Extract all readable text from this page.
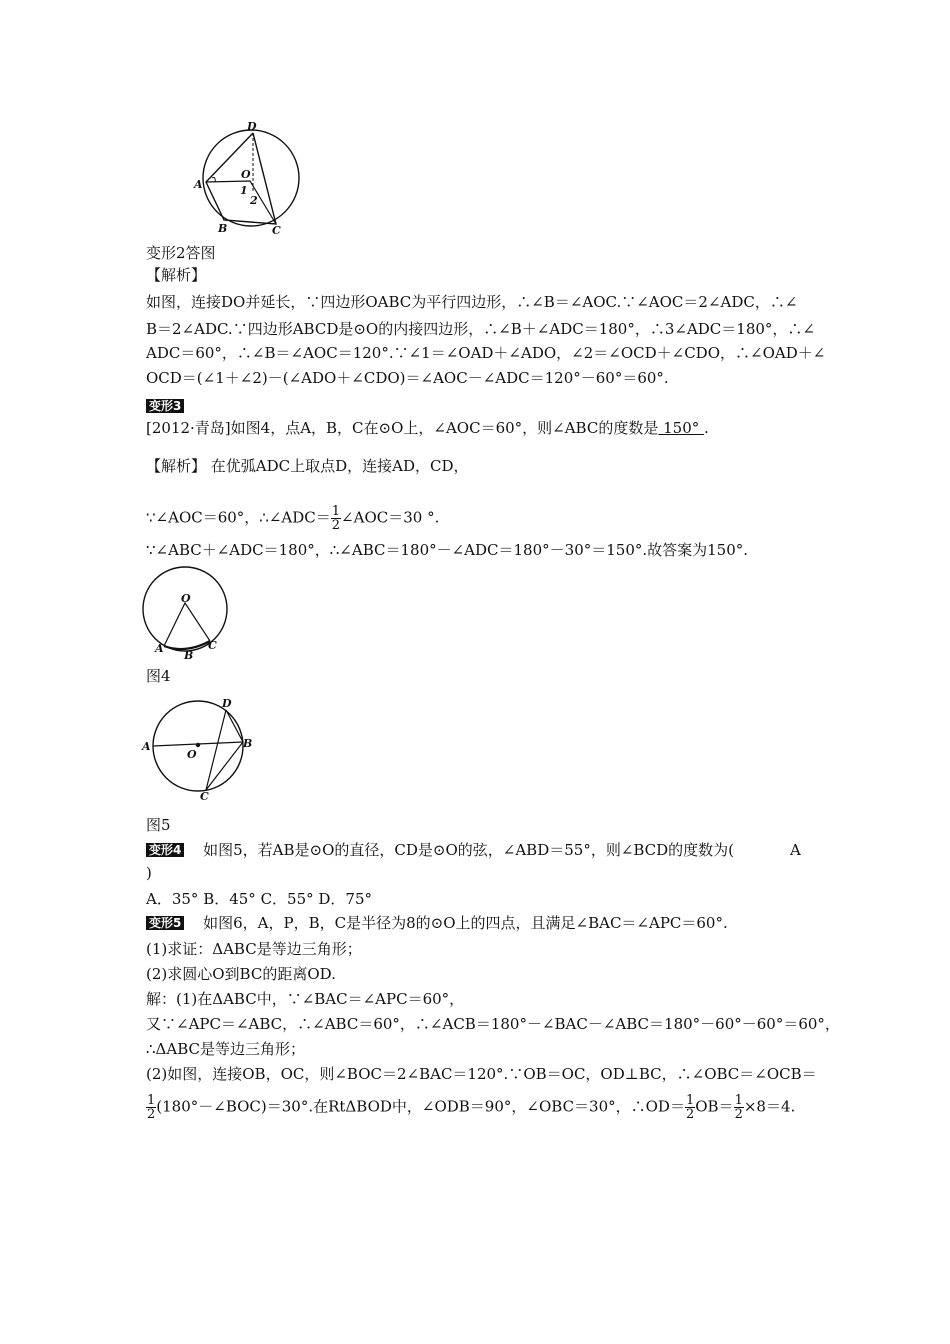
D
O
A	1
2
B	C
变形2答图
【解析】
如图，连接DO并延长，∵四边形OABC为平行四边形，∴∠B＝∠AOC.∵∠AOC＝2∠ADC，∴∠
B＝2∠ADC.∵四边形ABCD是⊙O的内接四边形，∴∠B＋∠ADC＝180°，∴3∠ADC＝180°，∴∠
ADC＝60°，∴∠B＝∠AOC＝120°.∵∠1＝∠OAD＋∠ADO，∠2＝∠OCD＋∠CDO，∴∠OAD＋∠
OCD＝(∠1＋∠2)－(∠ADO＋∠CDO)＝∠AOC－∠ADC＝120°－60°＝60°.
变形3
[2012·青岛]如图4，点A，B，C在⊙O上，∠AOC＝60°，则∠ABC的度数是 150° .
【解析】 在优弧ADC上取点D，连接AD，CD，
∵∠AOC＝60°，∴∠ADC＝ $\frac{1}{2}$ ∠AOC＝30 °.
∵∠ABC＋∠ADC＝180°，∴∠ABC＝180°－∠ADC＝180°－30°＝150°.故答案为150°.
O
A
B
C
图4
D
A
O
B
C
图5
变形4 如图5，若AB是⊙O的直径，CD是⊙O的弦，∠ABD＝55°，则∠BCD的度数为(	A
)
A．35° B．45° C．55° D．75°
变形5 如图6，A，P，B，C是半径为8的⊙O上的四点，且满足∠BAC＝∠APC＝60°.
(1)求证：ΔABC是等边三角形；
(2)求圆心O到BC的距离OD.
解：(1)在ΔABC中，∵∠BAC＝∠APC＝60°，
又∵∠APC＝∠ABC，∴∠ABC＝60°，∴∠ACB＝180°－∠BAC－∠ABC＝180°－60°－60°＝60°，
∴ΔABC是等边三角形；
(2)如图，连接OB，OC，则∠BOC＝2∠BAC＝120°.∵OB＝OC，OD⊥BC，∴∠OBC＝∠OCB＝
$\frac{1}{2}$ (180°－∠BOC)＝30°.在RtΔBOD中，∠ODB＝90°，∠OBC＝30°，∴OD＝ $\frac{1}{2} OB= \frac{1}{2} \times 8=4$.
